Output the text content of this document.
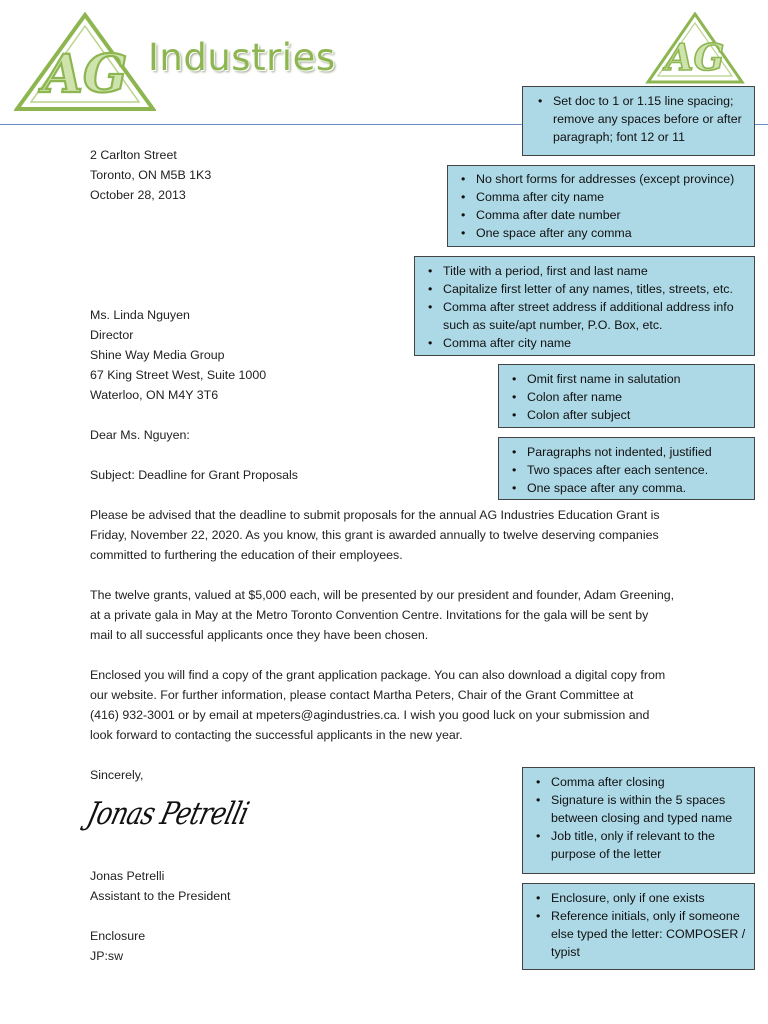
AG Industries	AG
2 Carlton Street
Toronto, ON M5B 1K3
October 28, 2013
Ms. Linda Nguyen
Director
Shine Way Media Group
67 King Street West, Suite 1000
Waterloo, ON M4Y 3T6
Dear Ms. Nguyen:
Subject: Deadline for Grant Proposals
Please be advised that the deadline to submit proposals for the annual AG Industries Education Grant is
Friday, November 22, 2020. As you know, this grant is awarded annually to twelve deserving companies
committed to furthering the education of their employees.
The twelve grants, valued at $5,000 each, will be presented by our president and founder, Adam Greening,
at a private gala in May at the Metro Toronto Convention Centre. Invitations for the gala will be sent by
mail to all successful applicants once they have been chosen.
Enclosed you will find a copy of the grant application package. You can also download a digital copy from
our website. For further information, please contact Martha Peters, Chair of the Grant Committee at
(416) 932-3001 or by email at mpeters@agindustries.ca. I wish you good luck on your submission and
look forward to contacting the successful applicants in the new year.
Sincerely,
Jonas Petrelli
Jonas Petrelli
Assistant to the President
Enclosure
JP:sw
• Set doc to 1 or 1.15 line spacing; remove any spaces before or after paragraph; font 12 or 11
• No short forms for addresses (except province)
• Comma after city name
• Comma after date number
• One space after any comma
• Title with a period, first and last name
• Capitalize first letter of any names, titles, streets, etc.
• Comma after street address if additional address info such as suite/apt number, P.O. Box, etc.
• Comma after city name
• Omit first name in salutation
• Colon after name
• Colon after subject
• Paragraphs not indented, justified
• Two spaces after each sentence.
• One space after any comma.
• Comma after closing
• Signature is within the 5 spaces between closing and typed name
• Job title, only if relevant to the purpose of the letter
• Enclosure, only if one exists
• Reference initials, only if someone else typed the letter: COMPOSER / typist
